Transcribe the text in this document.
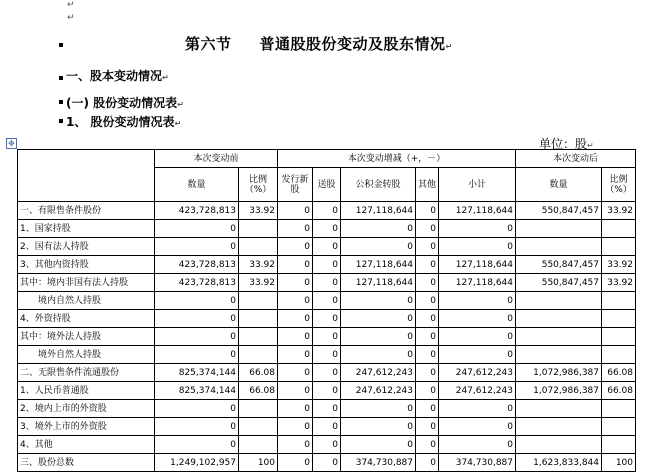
↵
↵
第六节 普通股股份变动及股东情况↵
一、股本变动情况↵
(一) 股份变动情况表↵
1、 股份变动情况表↵
✥	单位：股↵
	本次变动前		本次变动增减（+，－）					本次变动后	
	数量	比例（%）	发行新股	送股	公积金转股	其他	小计	数量	比例（%）
一、有限售条件股份	423,728,813	33.92	0	0	127,118,644	0	127,118,644	550,847,457	33.92
1、国家持股	0		0	0	0	0	0		
2、国有法人持股	0		0	0	0	0	0		
3、其他内资持股	423,728,813	33.92	0	0	127,118,644	0	127,118,644	550,847,457	33.92
其中：境内非国有法人持股	423,728,813	33.92	0	0	127,118,644	0	127,118,644	550,847,457	33.92
境内自然人持股	0		0	0	0	0	0		
4、外资持股	0		0	0	0	0	0		
其中：境外法人持股	0		0	0	0	0	0		
境外自然人持股	0		0	0	0	0	0		
二、无限售条件流通股份	825,374,144	66.08	0	0	247,612,243	0	247,612,243	1,072,986,387	66.08
1、人民币普通股	825,374,144	66.08	0	0	247,612,243	0	247,612,243	1,072,986,387	66.08
2、境内上市的外资股	0		0	0	0	0	0		
3、境外上市的外资股	0		0	0	0	0	0		
4、其他	0		0	0	0	0	0		
三、股份总数	1,249,102,957	100	0	0	374,730,887	0	374,730,887	1,623,833,844	100
